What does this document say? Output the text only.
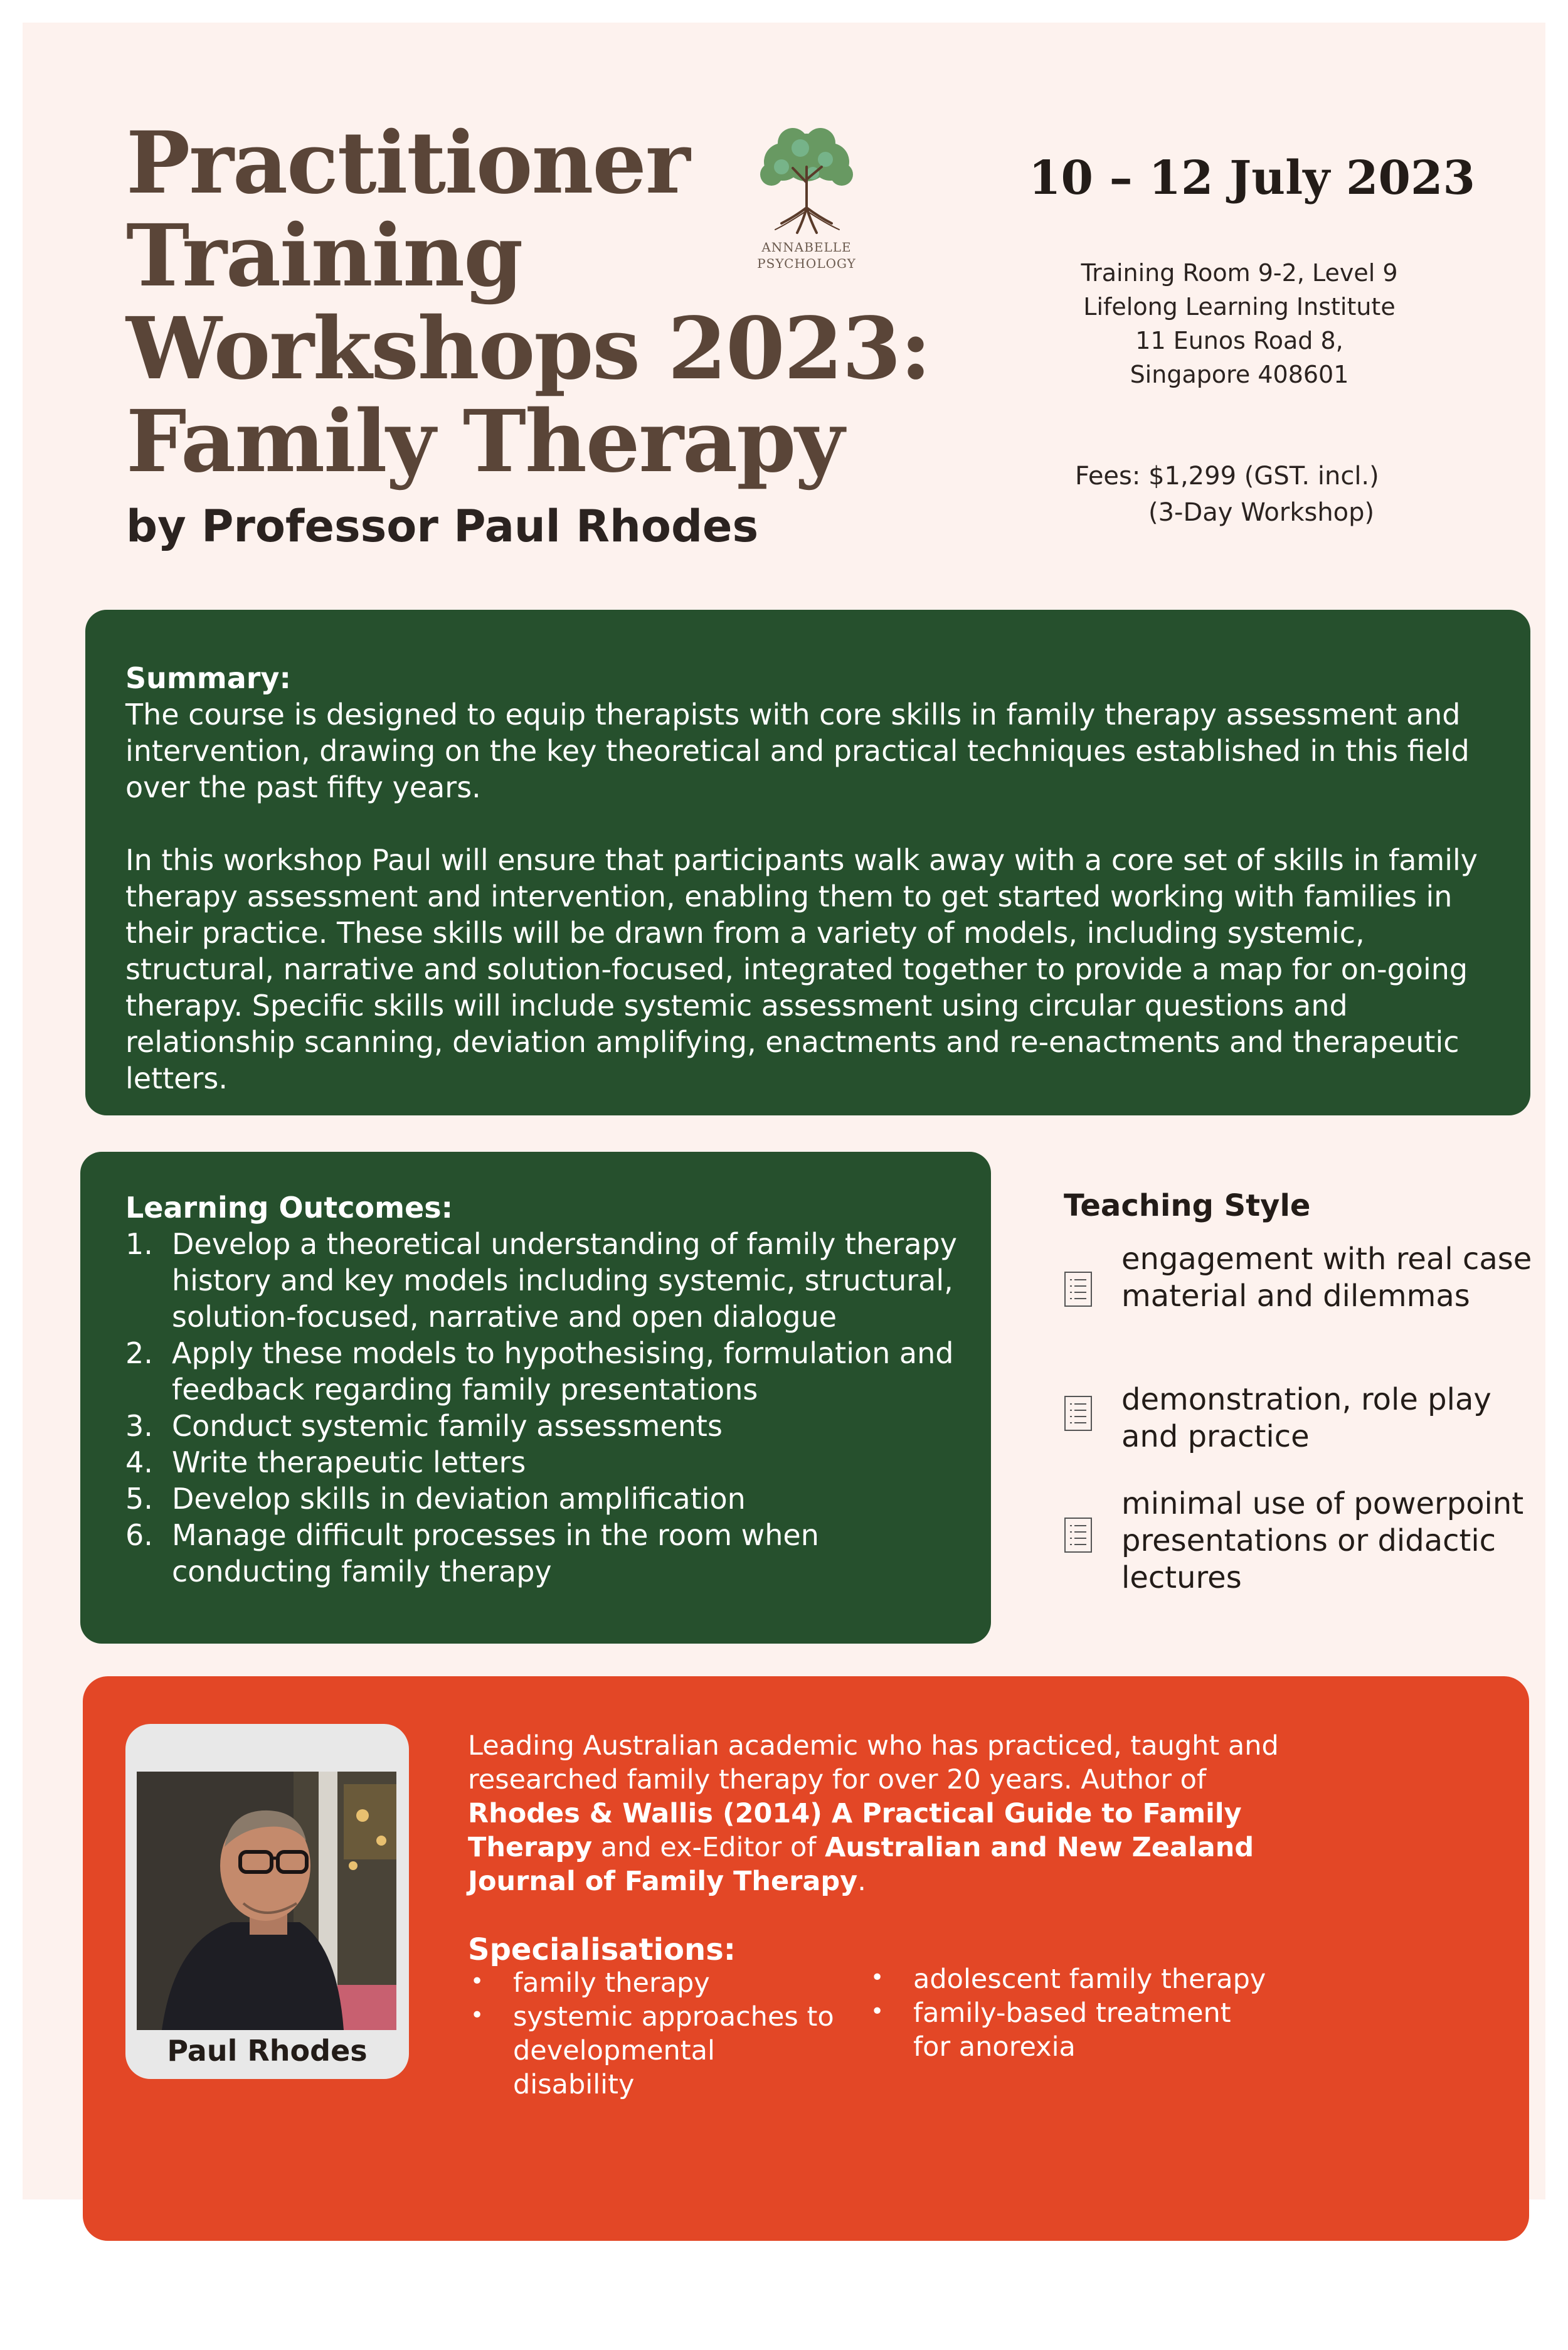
Practitioner
Training
Workshops 2023:
Family Therapy

by Professor Paul Rhodes

ANNABELLE
PSYCHOLOGY

10 – 12 July 2023

Training Room 9-2, Level 9
Lifelong Learning Institute
11 Eunos Road 8,
Singapore 408601
Fees: $1,299 (GST. incl.)
(3-Day Workshop)
Summary:

The course is designed to equip therapists with core skills in family therapy assessment and intervention, drawing on the key theoretical and practical techniques established in this field over the past fifty years.

In this workshop Paul will ensure that participants walk away with a core set of skills in family therapy assessment and intervention, enabling them to get started working with families in their practice. These skills will be drawn from a variety of models, including systemic, structural, narrative and solution-focused, integrated together to provide a map for on-going therapy. Specific skills will include systemic assessment using circular questions and relationship scanning, deviation amplifying, enactments and re-enactments and therapeutic letters.

Learning Outcomes:
1. Develop a theoretical understanding of family therapy history and key models including systemic, structural, solution-focused, narrative and open dialogue
2. Apply these models to hypothesising, formulation and feedback regarding family presentations
3. Conduct systemic family assessments
4. Write therapeutic letters
5. Develop skills in deviation amplification
6. Manage difficult processes in the room when conducting family therapy
Teaching Style
engagement with real case material and dilemmas
demonstration, role play and practice
minimal use of powerpoint presentations or didactic lectures
Paul Rhodes
Leading Australian academic who has practiced, taught and researched family therapy for over 20 years. Author of Rhodes & Wallis (2014) A Practical Guide to Family Therapy and ex-Editor of Australian and New Zealand Journal of Family Therapy.
Specialisations:
• family therapy
• systemic approaches to developmental disability
• adolescent family therapy
• family-based treatment for anorexia
+65 8202 3385	appointments@apsy.sg	www.apsy.sg
